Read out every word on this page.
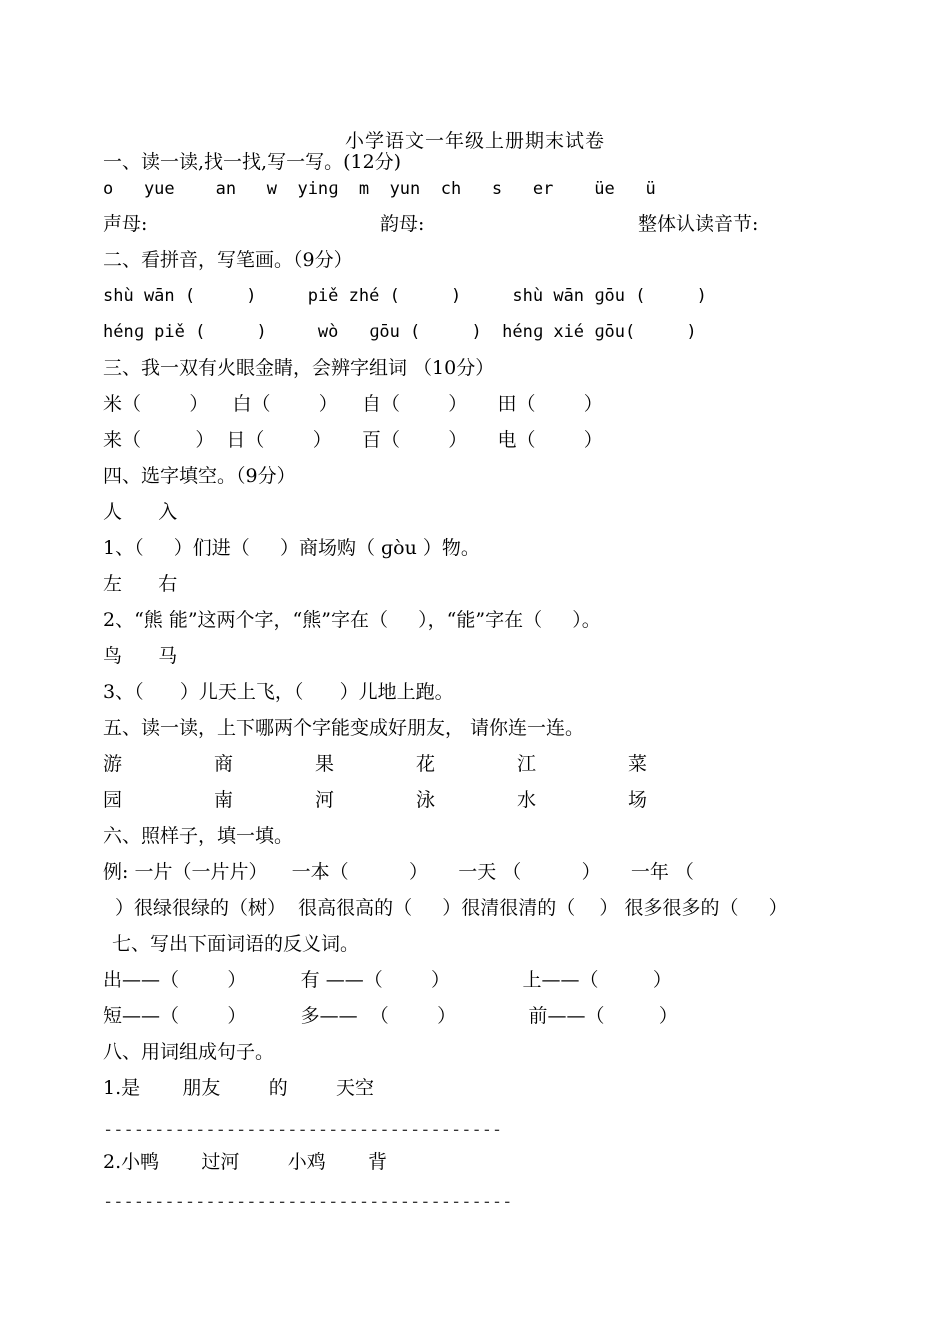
小学语文一年级上册期末试卷
一、读一读,找一找,写一写。(12分)
o   yue    an   w  yinɡ  m  yun  ch   s   er    üe   ü
声母:	韵母:	整体认读音节:
二、看拼音，写笔画。（9分）
shù wān (     )     piě zhé (     )     shù wān ɡōu (     )
hénɡ piě (     )     wò   ɡōu (     )  hénɡ xié ɡōu(     )
三、我一双有火眼金睛，会辨字组词 （10分）
米（        ）    白（        ）    自（        ）     田（        ）
来（         ）  日（        ）     百（        ）     电（        ）
四、选字填空。（9分）
人      入
1、（     ）们进（     ）商场购（ ɡòu ）物。
左      右
2、“熊 能”这两个字，“熊”字在（     ），“能”字在（     ）。
鸟      马
3、（      ）儿天上飞，（      ）儿地上跑。
五、读一读，上下哪两个字能变成好朋友， 请你连一连。
游	商	果	花	江	菜
园	南	河	泳	水	场
六、照样子，填一填。
例: 一片（一片片）    一本（          ）     一天 （          ）     一年 （
）很绿很绿的（树）  很高很高的（     ）很清很清的（    ） 很多很多的（     ）
七、写出下面词语的反义词。
出——（        ）         有 ——（        ）            上——（         ）
短——（        ）         多——  （        ）            前——（         ）
八、用词组成句子。
1.是       朋友        的        天空
---------------------------------------
2.小鸭       过河        小鸡       背
----------------------------------------
